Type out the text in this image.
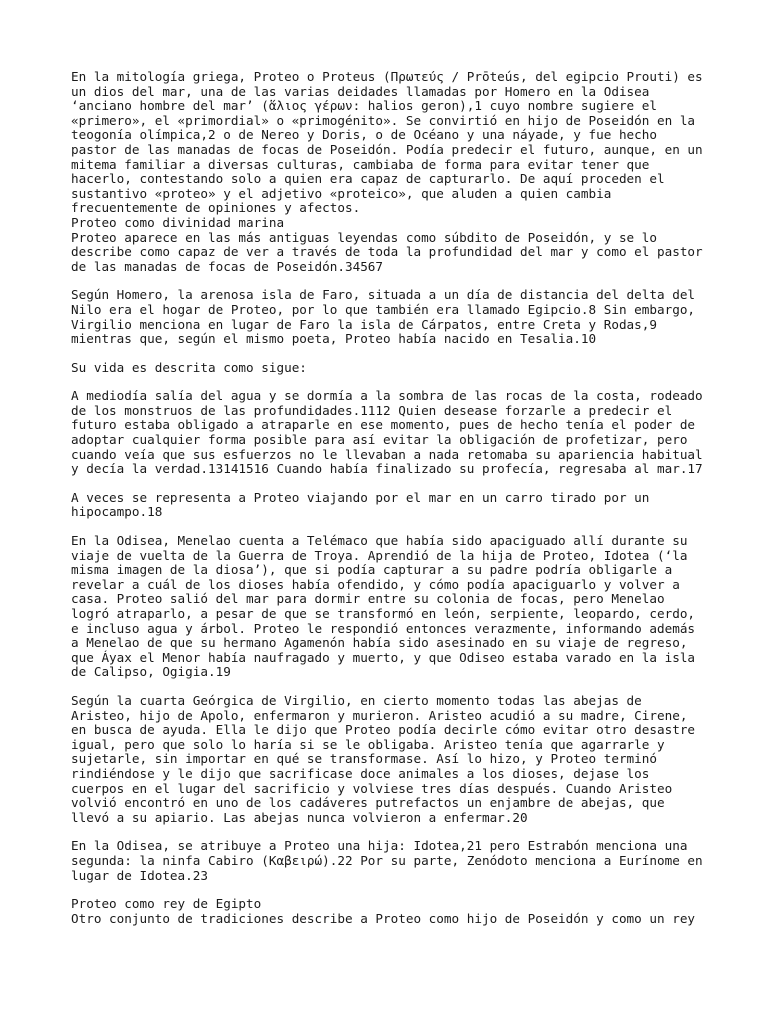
En la mitología griega, Proteo o Proteus (Πρωτεύς / Prōteús, del egipcio Prouti) es
un dios del mar, una de las varias deidades llamadas por Homero en la Odisea
‘anciano hombre del mar’ (ἅλιος γέρων: halios geron),1 cuyo nombre sugiere el
«primero», el «primordial» o «primogénito». Se convirtió en hijo de Poseidón en la
teogonía olímpica,2 o de Nereo y Doris, o de Océano y una náyade, y fue hecho
pastor de las manadas de focas de Poseidón. Podía predecir el futuro, aunque, en un
mitema familiar a diversas culturas, cambiaba de forma para evitar tener que
hacerlo, contestando solo a quien era capaz de capturarlo. De aquí proceden el
sustantivo «proteo» y el adjetivo «proteico», que aluden a quien cambia
frecuentemente de opiniones y afectos.
Proteo como divinidad marina
Proteo aparece en las más antiguas leyendas como súbdito de Poseidón, y se lo
describe como capaz de ver a través de toda la profundidad del mar y como el pastor
de las manadas de focas de Poseidón.34567
Según Homero, la arenosa isla de Faro, situada a un día de distancia del delta del
Nilo era el hogar de Proteo, por lo que también era llamado Egipcio.8 Sin embargo,
Virgilio menciona en lugar de Faro la isla de Cárpatos, entre Creta y Rodas,9
mientras que, según el mismo poeta, Proteo había nacido en Tesalia.10
Su vida es descrita como sigue:
A mediodía salía del agua y se dormía a la sombra de las rocas de la costa, rodeado
de los monstruos de las profundidades.1112 Quien desease forzarle a predecir el
futuro estaba obligado a atraparle en ese momento, pues de hecho tenía el poder de
adoptar cualquier forma posible para así evitar la obligación de profetizar, pero
cuando veía que sus esfuerzos no le llevaban a nada retomaba su apariencia habitual
y decía la verdad.13141516 Cuando había finalizado su profecía, regresaba al mar.17
A veces se representa a Proteo viajando por el mar en un carro tirado por un
hipocampo.18
En la Odisea, Menelao cuenta a Telémaco que había sido apaciguado allí durante su
viaje de vuelta de la Guerra de Troya. Aprendió de la hija de Proteo, Idotea (‘la
misma imagen de la diosa’), que si podía capturar a su padre podría obligarle a
revelar a cuál de los dioses había ofendido, y cómo podía apaciguarlo y volver a
casa. Proteo salió del mar para dormir entre su colonia de focas, pero Menelao
logró atraparlo, a pesar de que se transformó en león, serpiente, leopardo, cerdo,
e incluso agua y árbol. Proteo le respondió entonces verazmente, informando además
a Menelao de que su hermano Agamenón había sido asesinado en su viaje de regreso,
que Áyax el Menor había naufragado y muerto, y que Odiseo estaba varado en la isla
de Calipso, Ogigia.19
Según la cuarta Geórgica de Virgilio, en cierto momento todas las abejas de
Aristeo, hijo de Apolo, enfermaron y murieron. Aristeo acudió a su madre, Cirene,
en busca de ayuda. Ella le dijo que Proteo podía decirle cómo evitar otro desastre
igual, pero que solo lo haría si se le obligaba. Aristeo tenía que agarrarle y
sujetarle, sin importar en qué se transformase. Así lo hizo, y Proteo terminó
rindiéndose y le dijo que sacrificase doce animales a los dioses, dejase los
cuerpos en el lugar del sacrificio y volviese tres días después. Cuando Aristeo
volvió encontró en uno de los cadáveres putrefactos un enjambre de abejas, que
llevó a su apiario. Las abejas nunca volvieron a enfermar.20
En la Odisea, se atribuye a Proteo una hija: Idotea,21 pero Estrabón menciona una
segunda: la ninfa Cabiro (Καβειρώ).22 Por su parte, Zenódoto menciona a Eurínome en
lugar de Idotea.23
Proteo como rey de Egipto
Otro conjunto de tradiciones describe a Proteo como hijo de Poseidón y como un rey
